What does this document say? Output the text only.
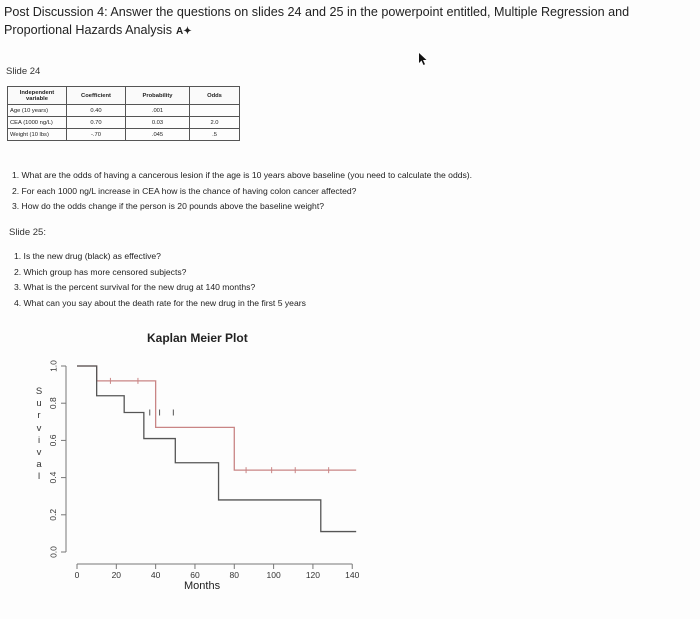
Post Discussion 4: Answer the questions on slides 24 and 25 in the powerpoint entitled, Multiple Regression and Proportional Hazards Analysis A✦
Slide 24
Independent variable	Coefficient	Probability	Odds
Age (10 years)	0.40	.001	
CEA (1000 ng/L)	0.70	0.03	2.0
Weight (10 lbs)	-.70	.045	.5
1. What are the odds of having a cancerous lesion if the age is 10 years above baseline (you need to calculate the odds).
2. For each 1000 ng/L increase in CEA how is the chance of having colon cancer affected?
3. How do the odds change if the person is 20 pounds above the baseline weight?
Slide 25:
1. Is the new drug (black) as effective?
2. Which group has more censored subjects?
3. What is the percent survival for the new drug at 140 months?
4. What can you say about the death rate for the new drug in the first 5 years
Kaplan Meier Plot
S
u
r
v
i
v
a
l
0.0
0.2
0.4
0.6
0.8
1.0
0	20	40	60	80	100	120	140
Months
